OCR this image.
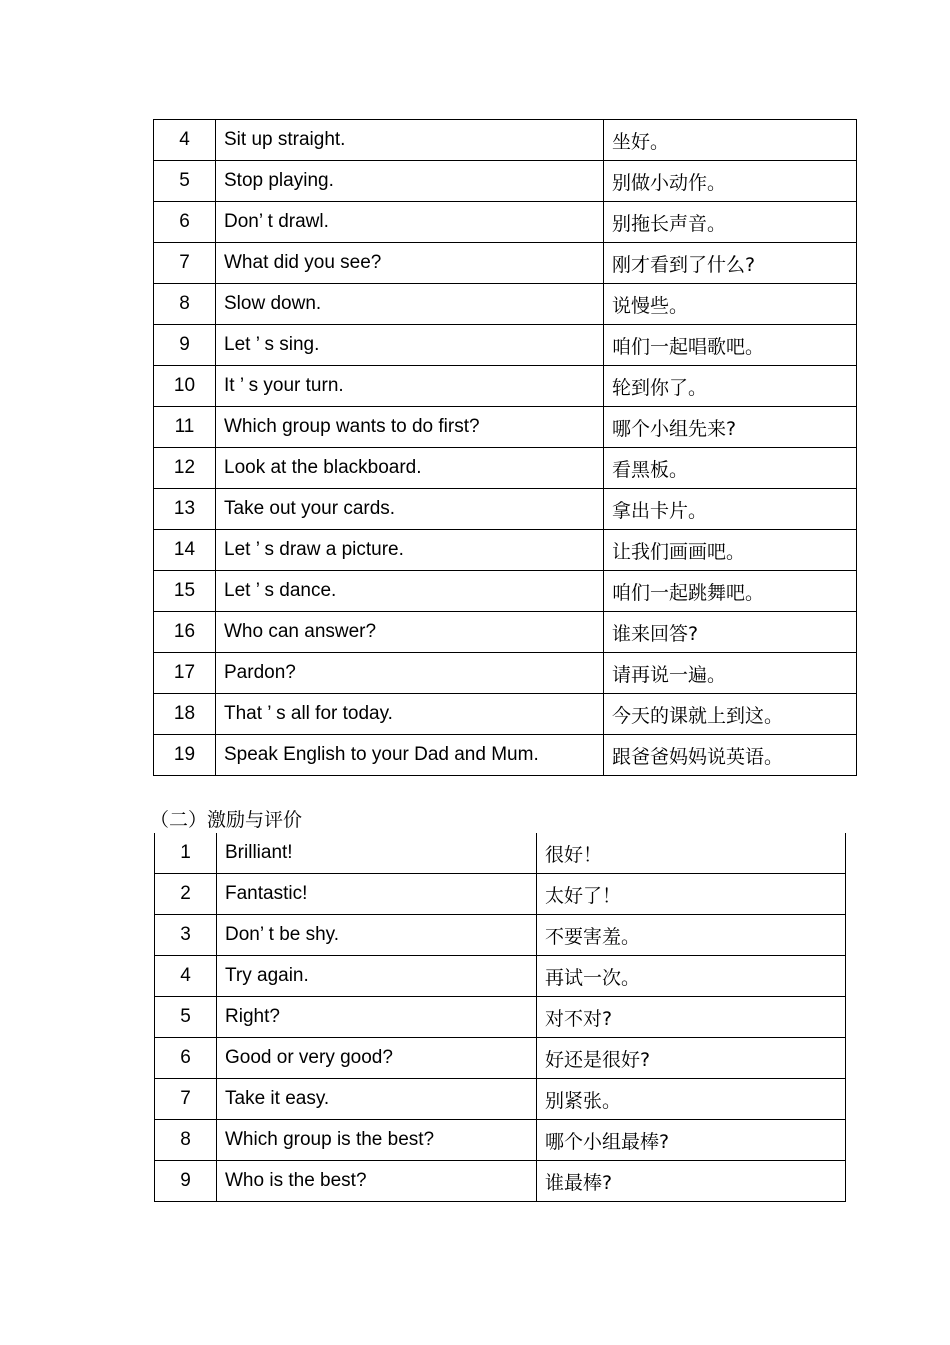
4	Sit up straight.	坐好。
5	Stop playing.	别做小动作。
6	Don’ t drawl.	别拖长声音。
7	What did you see?	刚才看到了什么?
8	Slow down.	说慢些。
9	Let ’ s sing.	咱们一起唱歌吧。
10	It ’ s your turn.	轮到你了。
11	Which group wants to do first?	哪个小组先来?
12	Look at the blackboard.	看黑板。
13	Take out your cards.	拿出卡片。
14	Let ’ s draw a picture.	让我们画画吧。
15	Let ’ s dance.	咱们一起跳舞吧。
16	Who can answer?	谁来回答?
17	Pardon?	请再说一遍。
18	That ’ s all for today.	今天的课就上到这。
19	Speak English to your Dad and Mum.	跟爸爸妈妈说英语。
（二）激励与评价
1	Brilliant!	很好！
2	Fantastic!	太好了！
3	Don’ t be shy.	不要害羞。
4	Try again.	再试一次。
5	Right?	对不对?
6	Good or very good?	好还是很好?
7	Take it easy.	别紧张。
8	Which group is the best?	哪个小组最棒?
9	Who is the best?	谁最棒?
